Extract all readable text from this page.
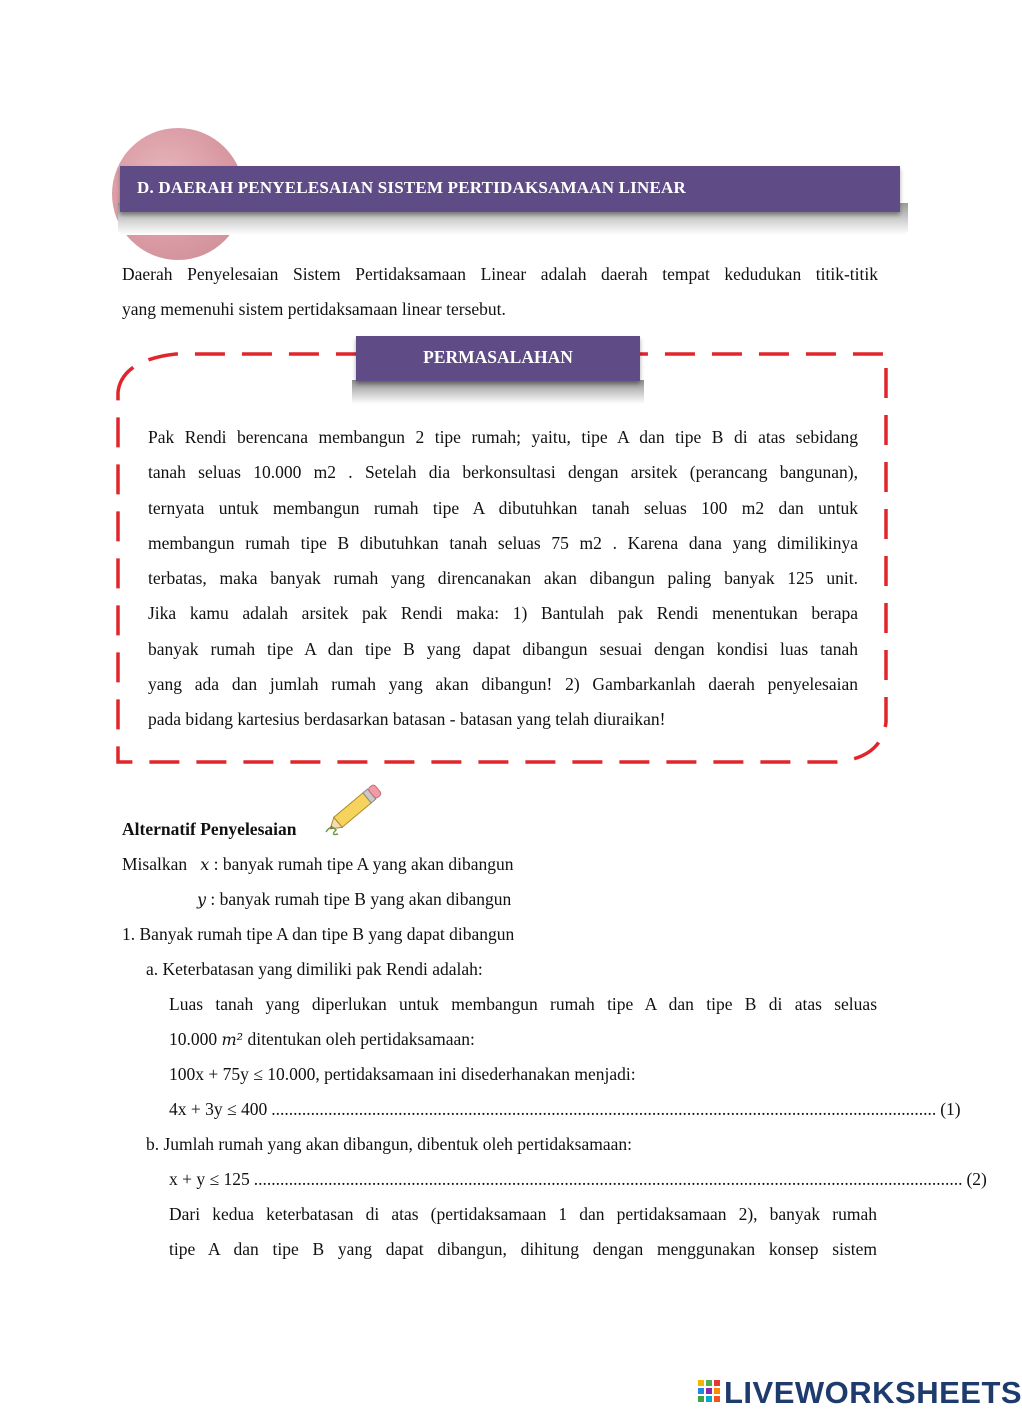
D. DAERAH PENYELESAIAN SISTEM PERTIDAKSAMAAN LINEAR
Daerah Penyelesaian Sistem Pertidaksamaan Linear adalah daerah tempat kedudukan titik-titik
yang memenuhi sistem pertidaksamaan linear tersebut.
PERMASALAHAN
Pak Rendi berencana membangun 2 tipe rumah; yaitu, tipe A dan tipe B di atas sebidang
tanah seluas 10.000 m2 . Setelah dia berkonsultasi dengan arsitek (perancang bangunan),
ternyata untuk membangun rumah tipe A dibutuhkan tanah seluas 100 m2 dan untuk
membangun rumah tipe B dibutuhkan tanah seluas 75 m2 . Karena dana yang dimilikinya
terbatas, maka banyak rumah yang direncanakan akan dibangun paling banyak 125 unit.
Jika kamu adalah arsitek pak Rendi maka: 1) Bantulah pak Rendi menentukan berapa
banyak rumah tipe A dan tipe B yang dapat dibangun sesuai dengan kondisi luas tanah
yang ada dan jumlah rumah yang akan dibangun! 2) Gambarkanlah daerah penyelesaian
pada bidang kartesius berdasarkan batasan - batasan yang telah diuraikan!
Alternatif Penyelesaian
Misalkan x : banyak rumah tipe A yang akan dibangun
y : banyak rumah tipe B yang akan dibangun
1. Banyak rumah tipe A dan tipe B yang dapat dibangun
a. Keterbatasan yang dimiliki pak Rendi adalah:
Luas tanah yang diperlukan untuk membangun rumah tipe A dan tipe B di atas seluas
10.000 m² ditentukan oleh pertidaksamaan:
100x + 75y ≤ 10.000, pertidaksamaan ini disederhanakan menjadi:
4x + 3y ≤ 400 ........................................................................................................................................................ (1)
b. Jumlah rumah yang akan dibangun, dibentuk oleh pertidaksamaan:
x + y ≤ 125 .................................................................................................................................................................. (2)
Dari kedua keterbatasan di atas (pertidaksamaan 1 dan pertidaksamaan 2), banyak rumah
tipe A dan tipe B yang dapat dibangun, dihitung dengan menggunakan konsep sistem
LIVEWORKSHEETS
